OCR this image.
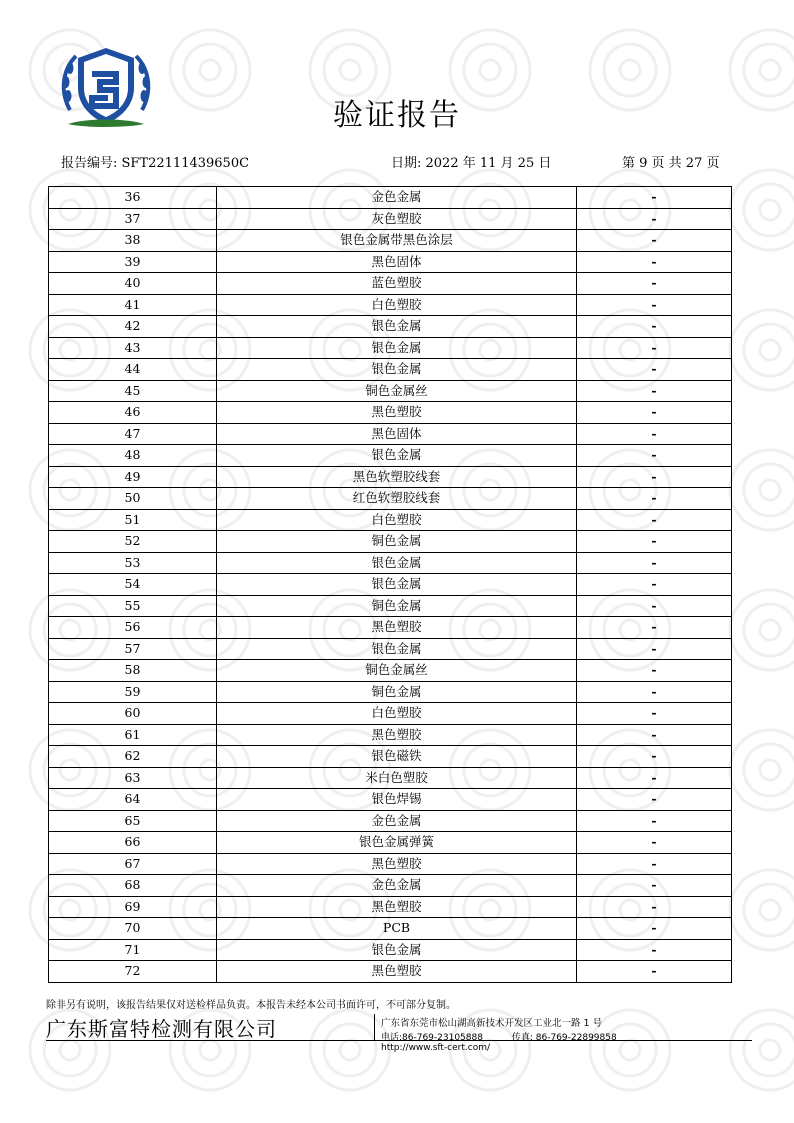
验证报告
报告编号: SFT22111439650C	日期: 2022 年 11 月 25 日	第 9 页 共 27 页
36	金色金属	-
37	灰色塑胶	-
38	银色金属带黑色涂层	-
39	黑色固体	-
40	蓝色塑胶	-
41	白色塑胶	-
42	银色金属	-
43	银色金属	-
44	银色金属	-
45	铜色金属丝	-
46	黑色塑胶	-
47	黑色固体	-
48	银色金属	-
49	黑色软塑胶线套	-
50	红色软塑胶线套	-
51	白色塑胶	-
52	铜色金属	-
53	银色金属	-
54	银色金属	-
55	铜色金属	-
56	黑色塑胶	-
57	银色金属	-
58	铜色金属丝	-
59	铜色金属	-
60	白色塑胶	-
61	黑色塑胶	-
62	银色磁铁	-
63	米白色塑胶	-
64	银色焊锡	-
65	金色金属	-
66	银色金属弹簧	-
67	黑色塑胶	-
68	金色金属	-
69	黑色塑胶	-
70	PCB	-
71	银色金属	-
72	黑色塑胶	-
除非另有说明，该报告结果仅对送检样品负责。本报告未经本公司书面许可，不可部分复制。
广东斯富特检测有限公司	广东省东莞市松山湖高新技术开发区工业北一路 1 号
电话:86-769-23105888	传真: 86-769-22899858 http://www.sft-cert.com/
